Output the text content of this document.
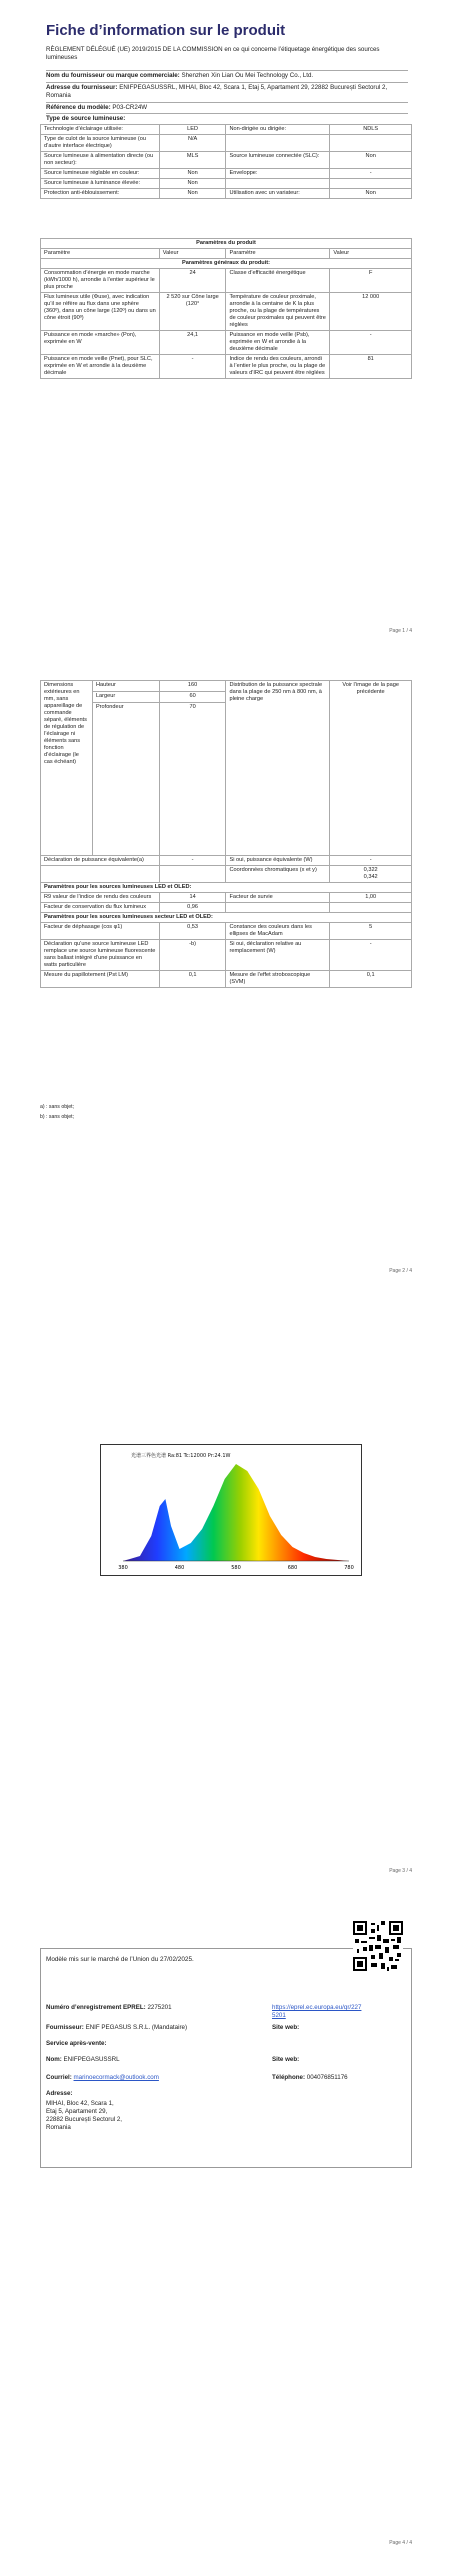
Fiche d’information sur le produit
RÈGLEMENT DÉLÉGUÉ (UE) 2019/2015 DE LA COMMISSION en ce qui concerne l’étiquetage énergétique des sources lumineuses
Nom du fournisseur ou marque commerciale: Shenzhen Xin Lian Ou Mei Technology Co., Ltd.
Adresse du fournisseur: ENIFPEGASUSSRL, MIHAI, Bloc 42, Scara 1, Etaj 5, Apartament 29, 22882 București Sectorul 2, Romania
Référence du modèle: P03-CR24W
Type de source lumineuse:
Technologie d’éclairage utilisée:	LED	Non-dirigée ou dirigée:	NDLS
Type de culot de la source lumineuse (ou d’autre interface électrique)	N/A		
Source lumineuse à alimentation directe (ou non secteur):	MLS	Source lumineuse connectée (SLC):	Non
Source lumineuse réglable en couleur:	Non	Enveloppe:	-
Source lumineuse à luminance élevée:	Non		
Protection anti-éblouissement:	Non	Utilisation avec un variateur:	Non
Paramètres du produit			
Paramètre	Valeur	Paramètre	Valeur
Paramètres généraux du produit:			
Consommation d’énergie en mode marche (kWh/1000 h), arrondie à l’entier supérieur le plus proche	24	Classe d’efficacité énergétique	F
Flux lumineux utile (Φuse), avec indication qu’il se réfère au flux dans une sphère (360º), dans un cône large (120º) ou dans un cône étroit (90º)	2 520 sur Cône large (120°	Température de couleur proximale, arrondie à la centaine de K la plus proche, ou la plage de températures de couleur proximales qui peuvent être réglées	12 000
Puissance en mode «marche» (Pon), exprimée en W	24,1	Puissance en mode veille (Psb), exprimée en W et arrondie à la deuxième décimale	-
Puissance en mode veille (Pnet), pour SLC, exprimée en W et arrondie à la deuxième décimale	-	Indice de rendu des couleurs, arrondi à l’entier le plus proche, ou la plage de valeurs d’IRC qui peuvent être réglées	81
Page 1 / 4
Dimensions extérieures en mm, sans appareillage de commande séparé, éléments de régulation de l’éclairage ni éléments sans fonction d’éclairage (le cas échéant)	Hauteur	160	Distribution de la puissance spectrale dans la plage de 250 nm à 800 nm, à pleine charge	Voir l’image de la page précédente
	Largeur	60		
	Profondeur	70		
Déclaration de puissance équivalente(a)		-	Si oui, puissance équivalente (W)	-
			Coordonnées chromatiques (x et y)	0,322
0,342
Paramètres pour les sources lumineuses LED et OLED:				
R9 valeur de l’indice de rendu des couleurs		14	Facteur de survie	1,00
Facteur de conservation du flux lumineux		0,96		
Paramètres pour les sources lumineuses secteur LED et OLED:				
Facteur de déphasage (cos φ1)		0,53	Constance des couleurs dans les ellipses de MacAdam	5
Déclaration qu’une source lumineuse LED remplace une source lumineuse fluorescente sans ballast intégré d’une puissance en watts particulière		-b)	Si oui, déclaration relative au remplacement (W)	-
Mesure du papillotement (Pst LM)		0,1	Mesure de l’effet stroboscopique (SVM)	0,1
a) : sans objet;
b) : sans objet;
Page 2 / 4
Page 3 / 4
光谱三界色光谱 Ra:81 Tc:12000 Pr:24.1W
380	480	580	680	780
Modèle mis sur le marché de l’Union du 27/02/2025.
Numéro d’enregistrement EPREL: 2275201	https://eprel.ec.europa.eu/qr/2275201
Fournisseur: ENIF PEGASUS S.R.L. (Mandataire)	Site web:
Service après-vente:
Nom: ENIFPEGASUSSRL	Site web:
Courriel: marinoecormack@outlook.com	Téléphone: 004076851176
Adresse:
MIHAI, Bloc 42, Scara 1,
Etaj 5, Apartament 29,
22882 București Sectorul 2,
Romania
Page 4 / 4
